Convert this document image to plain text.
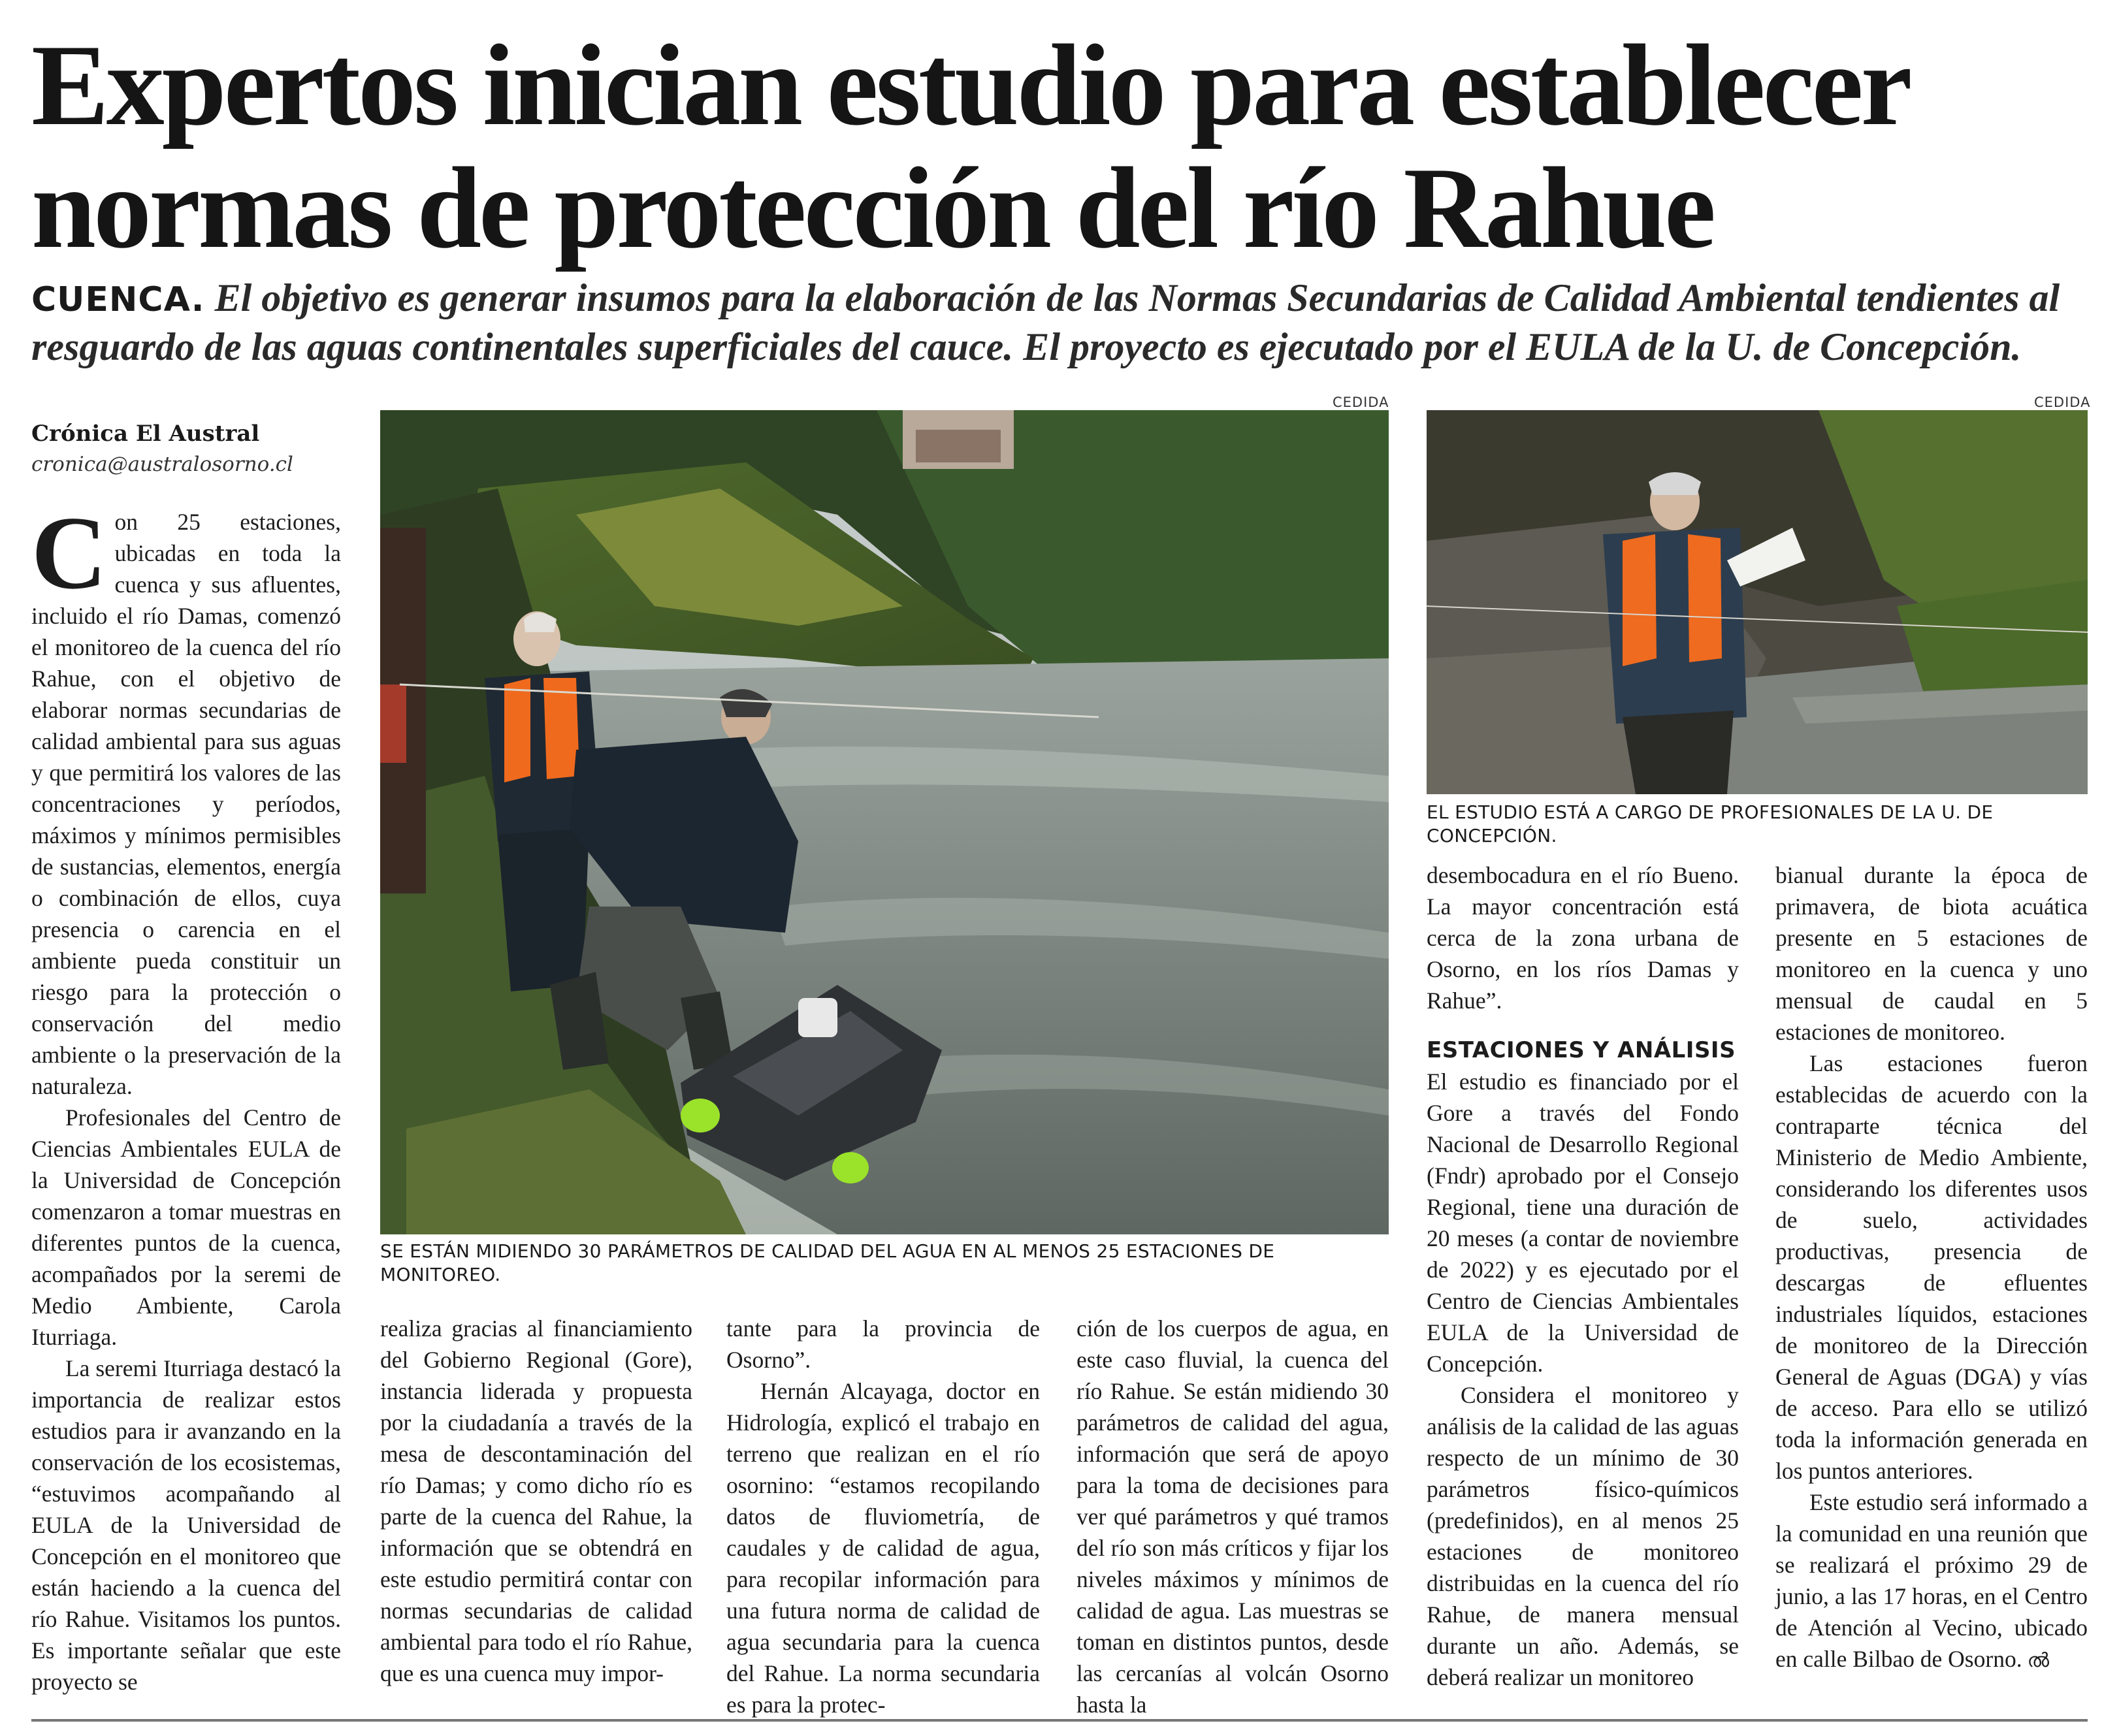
Expertos inician estudio para establecer
normas de protección del río Rahue

CUENCA. El objetivo es generar insumos para la elaboración de las Normas Secundarias de Calidad Ambiental tendientes al resguardo de las aguas continentales superficiales del cauce. El proyecto es ejecutado por el EULA de la U. de Concepción.

Crónica El Austral
cronica@australosorno.cl

Con 25 estaciones, ubicadas en toda la cuenca y sus afluentes, incluido el río Damas, comenzó el monitoreo de la cuenca del río Rahue, con el objetivo de elaborar normas secundarias de calidad ambiental para sus aguas y que permitirá los valores de las concentraciones y períodos, máximos y mínimos permisibles de sustancias, elementos, energía o combinación de ellos, cuya presencia o carencia en el ambiente pueda constituir un riesgo para la protección o conservación del medio ambiente o la preservación de la naturaleza.

Profesionales del Centro de Ciencias Ambientales EULA de la Universidad de Concepción comenzaron a tomar muestras en diferentes puntos de la cuenca, acompañados por la seremi de Medio Ambiente, Carola Iturriaga.

La seremi Iturriaga destacó la importancia de realizar estos estudios para ir avanzando en la conservación de los ecosistemas, “estuvimos acompañando al EULA de la Universidad de Concepción en el monitoreo que están haciendo a la cuenca del río Rahue. Visitamos los puntos. Es importante señalar que este proyecto se

CEDIDA
SE ESTÁN MIDIENDO 30 PARÁMETROS DE CALIDAD DEL AGUA EN AL MENOS 25 ESTACIONES DE MONITOREO.
CEDIDA
EL ESTUDIO ESTÁ A CARGO DE PROFESIONALES DE LA U. DE CONCEPCIÓN.

realiza gracias al financiamiento del Gobierno Regional (Gore), instancia liderada y propuesta por la ciudadanía a través de la mesa de descontaminación del río Damas; y como dicho río es parte de la cuenca del Rahue, la información que se obtendrá en este estudio permitirá contar con normas secundarias de calidad ambiental para todo el río Rahue, que es una cuenca muy impor-

tante para la provincia de Osorno”.

Hernán Alcayaga, doctor en Hidrología, explicó el trabajo en terreno que realizan en el río osornino: “estamos recopilando datos de fluviometría, de caudales y de calidad de agua, para recopilar información para una futura norma de calidad de agua secundaria para la cuenca del Rahue. La norma secundaria es para la protec-

ción de los cuerpos de agua, en este caso fluvial, la cuenca del río Rahue. Se están midiendo 30 parámetros de calidad del agua, información que será de apoyo para la toma de decisiones para ver qué parámetros y qué tramos del río son más críticos y fijar los niveles máximos y mínimos de calidad de agua. Las muestras se toman en distintos puntos, desde las cercanías al volcán Osorno hasta la

desembocadura en el río Bueno. La mayor concentración está cerca de la zona urbana de Osorno, en los ríos Damas y Rahue”.

ESTACIONES Y ANÁLISIS

El estudio es financiado por el Gore a través del Fondo Nacional de Desarrollo Regional (Fndr) aprobado por el Consejo Regional, tiene una duración de 20 meses (a contar de noviembre de 2022) y es ejecutado por el Centro de Ciencias Ambientales EULA de la Universidad de Concepción.

Considera el monitoreo y análisis de la calidad de las aguas respecto de un mínimo de 30 parámetros físico-químicos (predefinidos), en al menos 25 estaciones de monitoreo distribuidas en la cuenca del río Rahue, de manera mensual durante un año. Además, se deberá realizar un monitoreo

bianual durante la época de primavera, de biota acuática presente en 5 estaciones de monitoreo en la cuenca y uno mensual de caudal en 5 estaciones de monitoreo.

Las estaciones fueron establecidas de acuerdo con la contraparte técnica del Ministerio de Medio Ambiente, considerando los diferentes usos de suelo, actividades productivas, presencia de descargas de efluentes industriales líquidos, estaciones de monitoreo de la Dirección General de Aguas (DGA) y vías de acceso. Para ello se utilizó toda la información generada en los puntos anteriores.

Este estudio será informado a la comunidad en una reunión que se realizará el próximo 29 de junio, a las 17 horas, en el Centro de Atención al Vecino, ubicado en calle Bilbao de Osorno. ൽ
